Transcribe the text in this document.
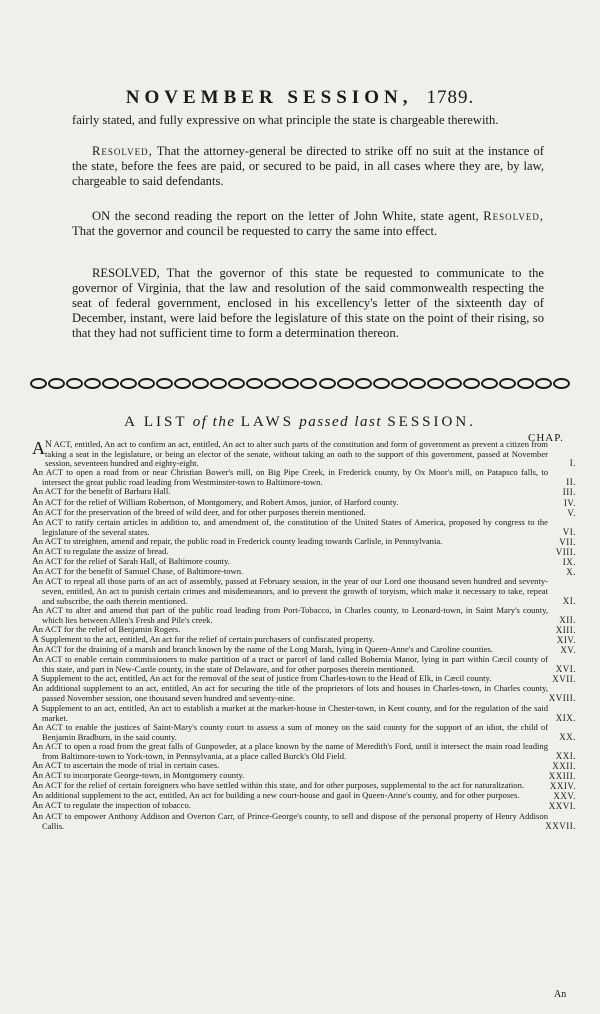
NOVEMBER SESSION, 1789.
fairly stated, and fully expressive on what principle the state is chargeable therewith.
Resolved, That the attorney-general be directed to strike off no suit at the instance of the state, before the fees are paid, or secured to be paid, in all cases where they are, by law, chargeable to said defendants.
ON the second reading the report on the letter of John White, state agent, Resolved, That the governor and council be requested to carry the same into effect.
RESOLVED, That the governor of this state be requested to communicate to the governor of Virginia, that the law and resolution of the said commonwealth respecting the seat of federal government, enclosed in his excellency's letter of the sixteenth day of December, instant, were laid before the legislature of this state on the point of their rising, so that they had not sufficient time to form a determination thereon.
A LIST of the LAWS passed last SESSION.
CHAP.
A N ACT, entitled, An act to confirm an act, entitled, An act to alter such parts of the constitution and form of government as prevent a citizen from taking a seat in the legislature, or being an elector of the senate, without taking an oath to the support of this government, passed at November session, seventeen hundred and eighty-eight.	I.
An ACT to open a road from or near Christian Bower's mill, on Big Pipe Creek, in Frederick county, by Ox Moor's mill, on Patapsco falls, to intersect the great public road leading from Westminster-town to Baltimore-town.	II.
An ACT for the benefit of Barbara Hall.	III.
An ACT for the relief of William Robertson, of Montgomery, and Robert Amos, junior, of Harford county.	IV.
An ACT for the preservation of the breed of wild deer, and for other purposes therein mentioned.	V.
An ACT to ratify certain articles in addition to, and amendment of, the constitution of the United States of America, proposed by congress to the legislature of the several states.	VI.
An ACT to streighten, amend and repair, the public road in Frederick county leading towards Carlisle, in Pennsylvania.	VII.
An ACT to regulate the assize of bread.	VIII.
An ACT for the relief of Sarah Hall, of Baltimore county.	IX.
An ACT for the benefit of Samuel Chase, of Baltimore-town.	X.
An ACT to repeal all those parts of an act of assembly, passed at February session, in the year of our Lord one thousand seven hundred and seventy-seven, entitled, An act to punish certain crimes and misdemeanors, and to prevent the growth of toryism, which make it necessary to take, repeat and subscribe, the oath therein mentioned.	XI.
An ACT to alter and amend that part of the public road leading from Port-Tobacco, in Charles county, to Leonard-town, in Saint Mary's county, which lies between Allen's Fresh and Pile's creek.	XII.
An ACT for the relief of Benjamin Rogers.	XIII.
A Supplement to the act, entitled, An act for the relief of certain purchasers of confiscated property.	XIV.
An ACT for the draining of a marsh and branch known by the name of the Long Marsh, lying in Queen-Anne's and Caroline counties.	XV.
An ACT to enable certain commissioners to make partition of a tract or parcel of land called Bohemia Manor, lying in part within Cæcil county of this state, and part in New-Castle county, in the state of Delaware, and for other purposes therein mentioned.	XVI.
A Supplement to the act, entitled, An act for the removal of the seat of justice from Charles-town to the Head of Elk, in Cæcil county.	XVII.
An additional supplement to an act, entitled, An act for securing the title of the proprietors of lots and houses in Charles-town, in Charles county, passed November session, one thousand seven hundred and seventy-nine.	XVIII.
A Supplement to an act, entitled, An act to establish a market at the market-house in Chester-town, in Kent county, and for the regulation of the said market.	XIX.
An ACT to enable the justices of Saint-Mary's county court to assess a sum of money on the said county for the support of an idiot, the child of Benjamin Bradburn, in the said county.	XX.
An ACT to open a road from the great falls of Gunpowder, at a place known by the name of Meredith's Ford, until it intersect the main road leading from Baltimore-town to York-town, in Pennsylvania, at a place called Burck's Old Field.	XXI.
An ACT to ascertain the mode of trial in certain cases.	XXII.
An ACT to incorporate George-town, in Montgomery county.	XXIII.
An ACT for the relief of certain foreigners who have settled within this state, and for other purposes, supplemental to the act for naturalization.	XXIV.
An additional supplement to the act, entitled, An act for building a new court-house and gaol in Queen-Anne's county, and for other purposes.	XXV.
An ACT to regulate the inspection of tobacco.	XXVI.
An ACT to empower Anthony Addison and Overton Carr, of Prince-George's county, to sell and dispose of the personal property of Henry Addison Callis.	XXVII.
An
